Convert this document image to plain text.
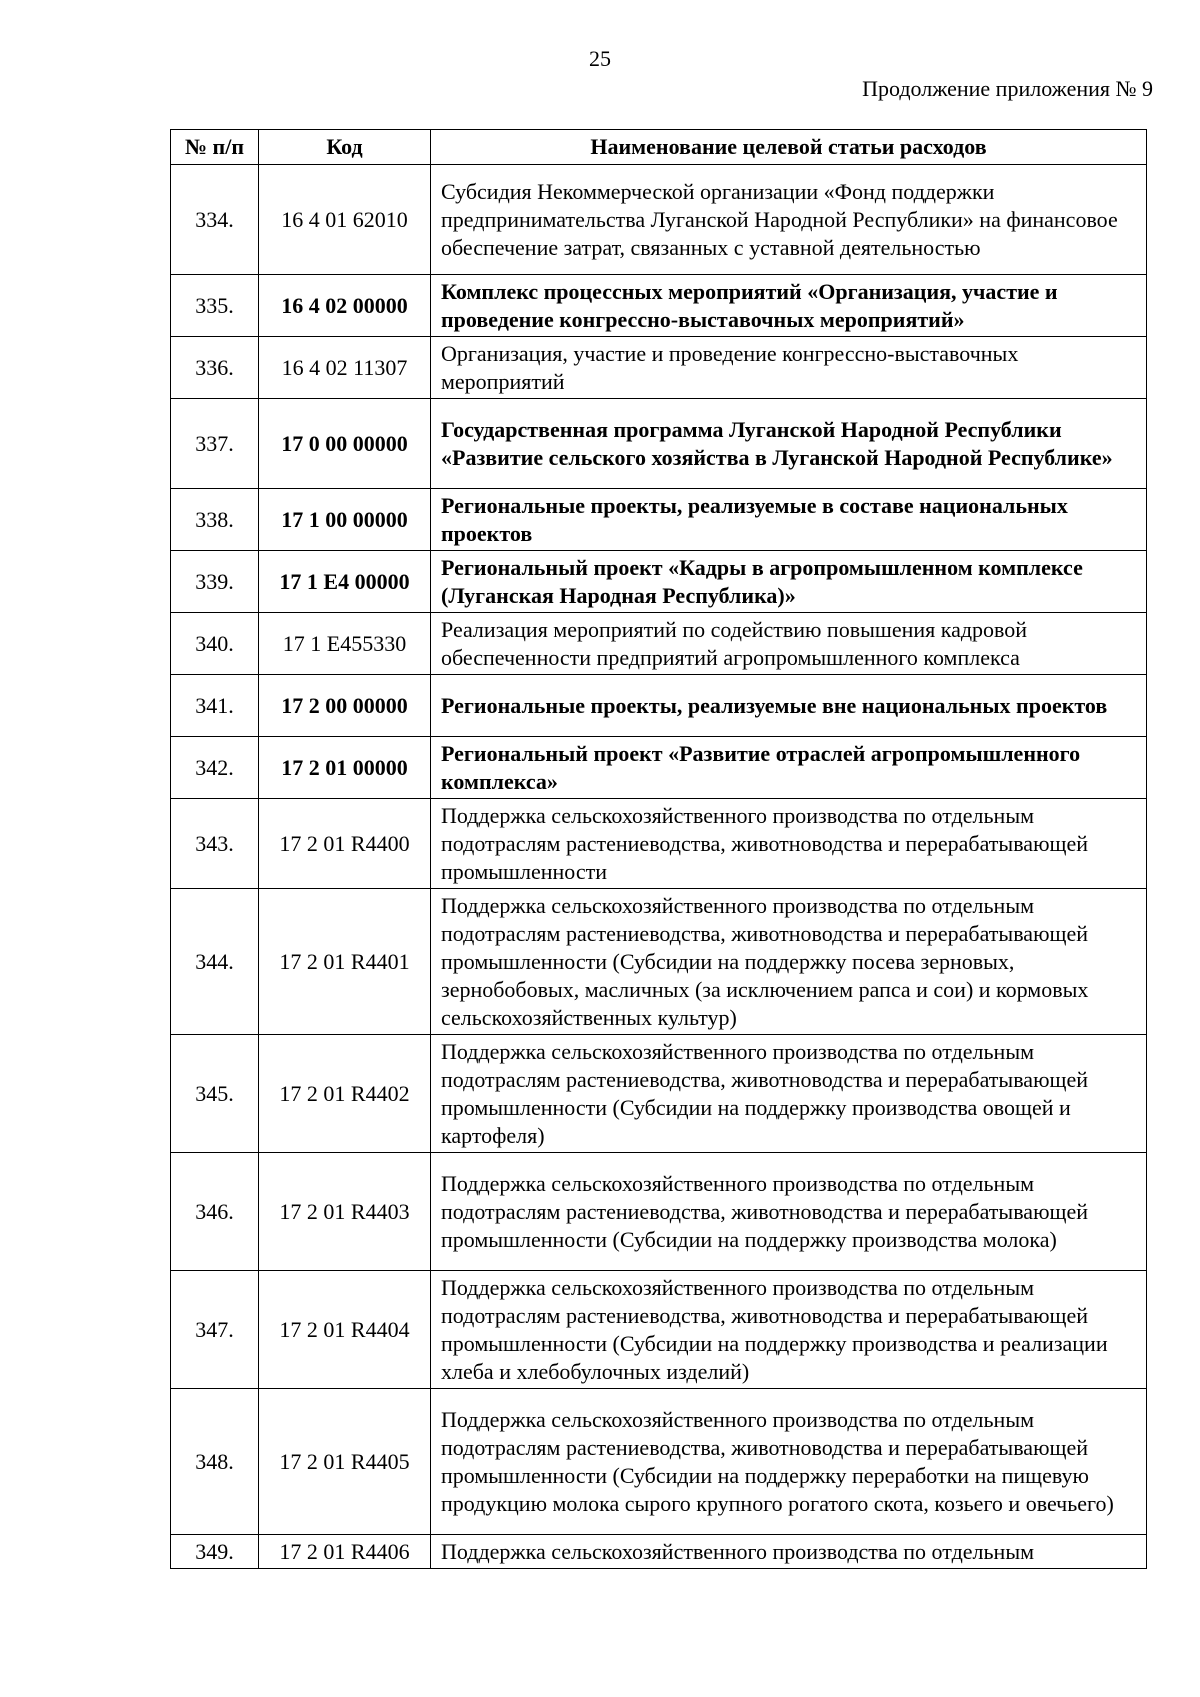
25
Продолжение приложения № 9
№ п/п	Код	Наименование целевой статьи расходов
334.	16 4 01 62010	Субсидия Некоммерческой организации «Фонд поддержки предпринимательства Луганской Народной Республики» на финансовое обеспечение затрат, связанных с уставной деятельностью
335.	16 4 02 00000	Комплекс процессных мероприятий «Организация, участие и проведение конгрессно-выставочных мероприятий»
336.	16 4 02 11307	Организация, участие и проведение конгрессно-выставочных мероприятий
337.	17 0 00 00000	Государственная программа Луганской Народной Республики «Развитие сельского хозяйства в Луганской Народной Республике»
338.	17 1 00 00000	Региональные проекты, реализуемые в составе национальных проектов
339.	17 1 E4 00000	Региональный проект «Кадры в агропромышленном комплексе (Луганская Народная Республика)»
340.	17 1 E455330	Реализация мероприятий по содействию повышения кадровой обеспеченности предприятий агропромышленного комплекса
341.	17 2 00 00000	Региональные проекты, реализуемые вне национальных проектов
342.	17 2 01 00000	Региональный проект «Развитие отраслей агропромышленного комплекса»
343.	17 2 01 R4400	Поддержка сельскохозяйственного производства по отдельным подотраслям растениеводства, животноводства и перерабатывающей промышленности
344.	17 2 01 R4401	Поддержка сельскохозяйственного производства по отдельным подотраслям растениеводства, животноводства и перерабатывающей промышленности (Субсидии на поддержку посева зерновых, зернобобовых, масличных (за исключением рапса и сои) и кормовых сельскохозяйственных культур)
345.	17 2 01 R4402	Поддержка сельскохозяйственного производства по отдельным подотраслям растениеводства, животноводства и перерабатывающей промышленности (Субсидии на поддержку производства овощей и картофеля)
346.	17 2 01 R4403	Поддержка сельскохозяйственного производства по отдельным подотраслям растениеводства, животноводства и перерабатывающей промышленности (Субсидии на поддержку производства молока)
347.	17 2 01 R4404	Поддержка сельскохозяйственного производства по отдельным подотраслям растениеводства, животноводства и перерабатывающей промышленности (Субсидии на поддержку производства и реализации хлеба и хлебобулочных изделий)
348.	17 2 01 R4405	Поддержка сельскохозяйственного производства по отдельным подотраслям растениеводства, животноводства и перерабатывающей промышленности (Субсидии на поддержку переработки на пищевую продукцию молока сырого крупного рогатого скота, козьего и овечьего)
349.	17 2 01 R4406	Поддержка сельскохозяйственного производства по отдельным
